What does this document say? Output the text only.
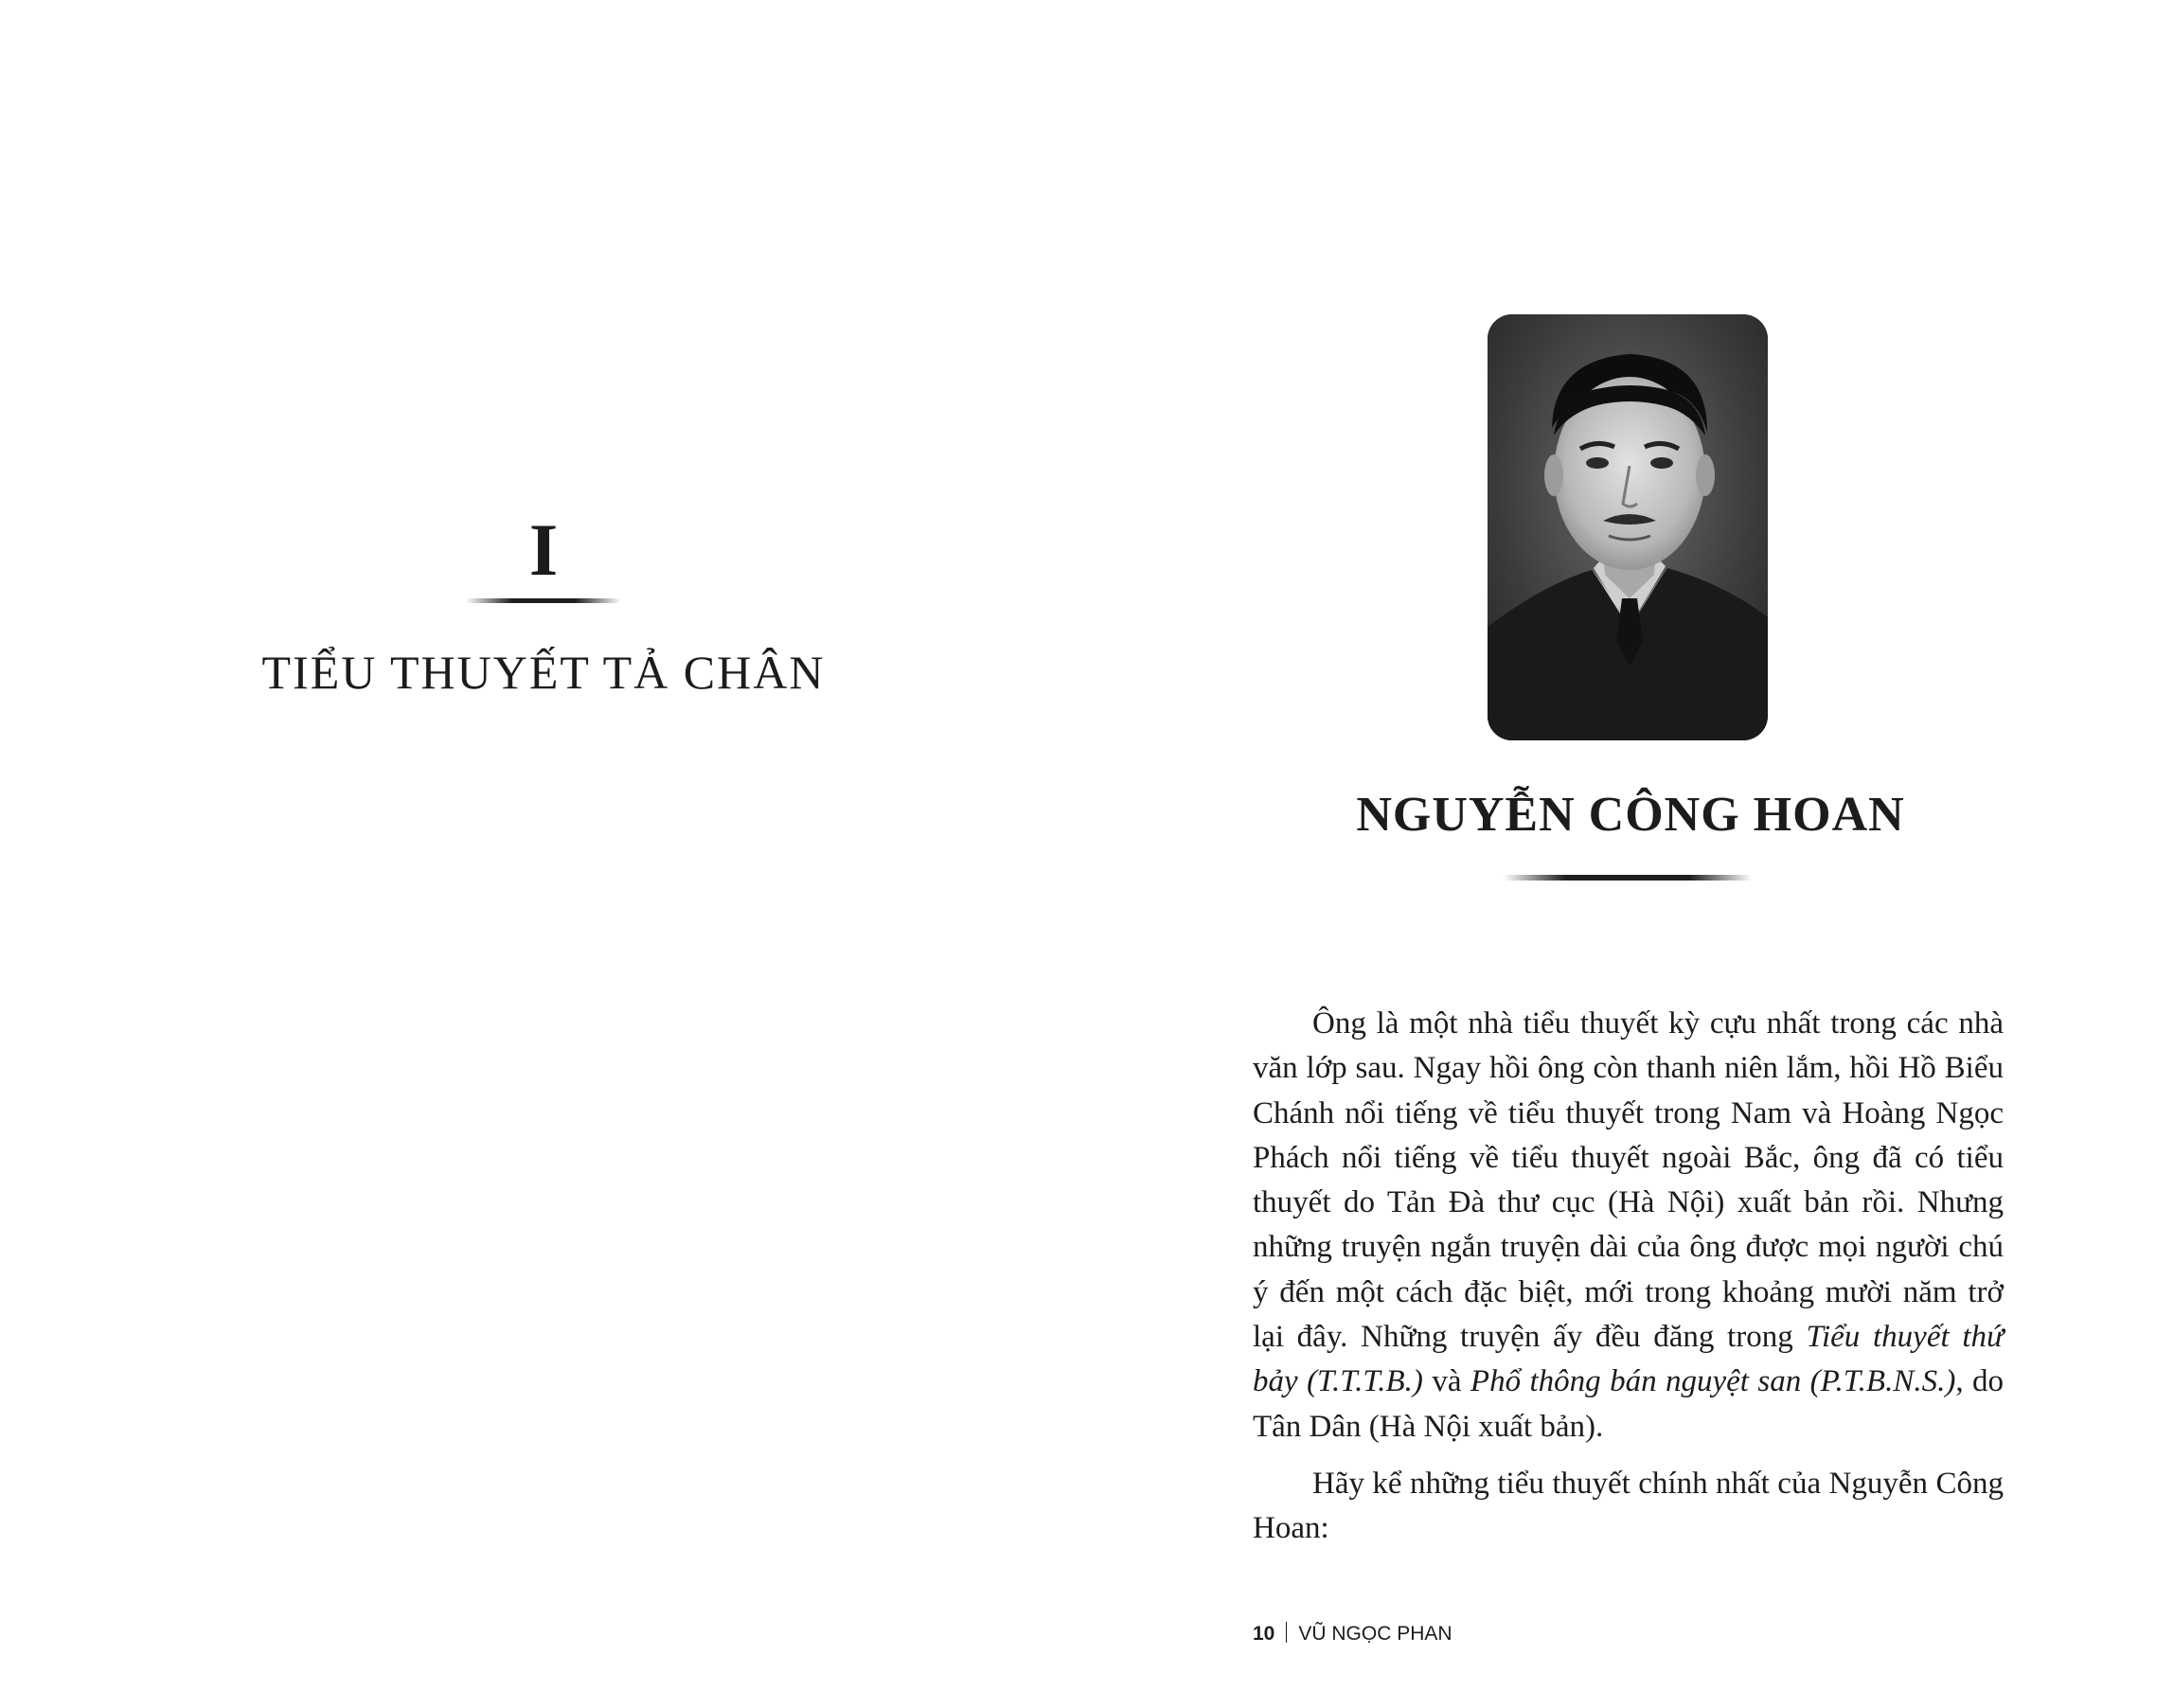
I
TIỂU THUYẾT TẢ CHÂN
NGUYỄN CÔNG HOAN

Ông là một nhà tiểu thuyết kỳ cựu nhất trong các nhà văn lớp sau. Ngay hồi ông còn thanh niên lắm, hồi Hồ Biểu Chánh nổi tiếng về tiểu thuyết trong Nam và Hoàng Ngọc Phách nổi tiếng về tiểu thuyết ngoài Bắc, ông đã có tiểu thuyết do Tản Đà thư cục (Hà Nội) xuất bản rồi. Nhưng những truyện ngắn truyện dài của ông được mọi người chú ý đến một cách đặc biệt, mới trong khoảng mười năm trở lại đây. Những truyện ấy đều đăng trong Tiểu thuyết thứ bảy (T.T.T.B.) và Phổ thông bán nguyệt san (P.T.B.N.S.), do Tân Dân (Hà Nội xuất bản).

Hãy kể những tiểu thuyết chính nhất của Nguyễn Công Hoan:

10 VŨ NGỌC PHAN
